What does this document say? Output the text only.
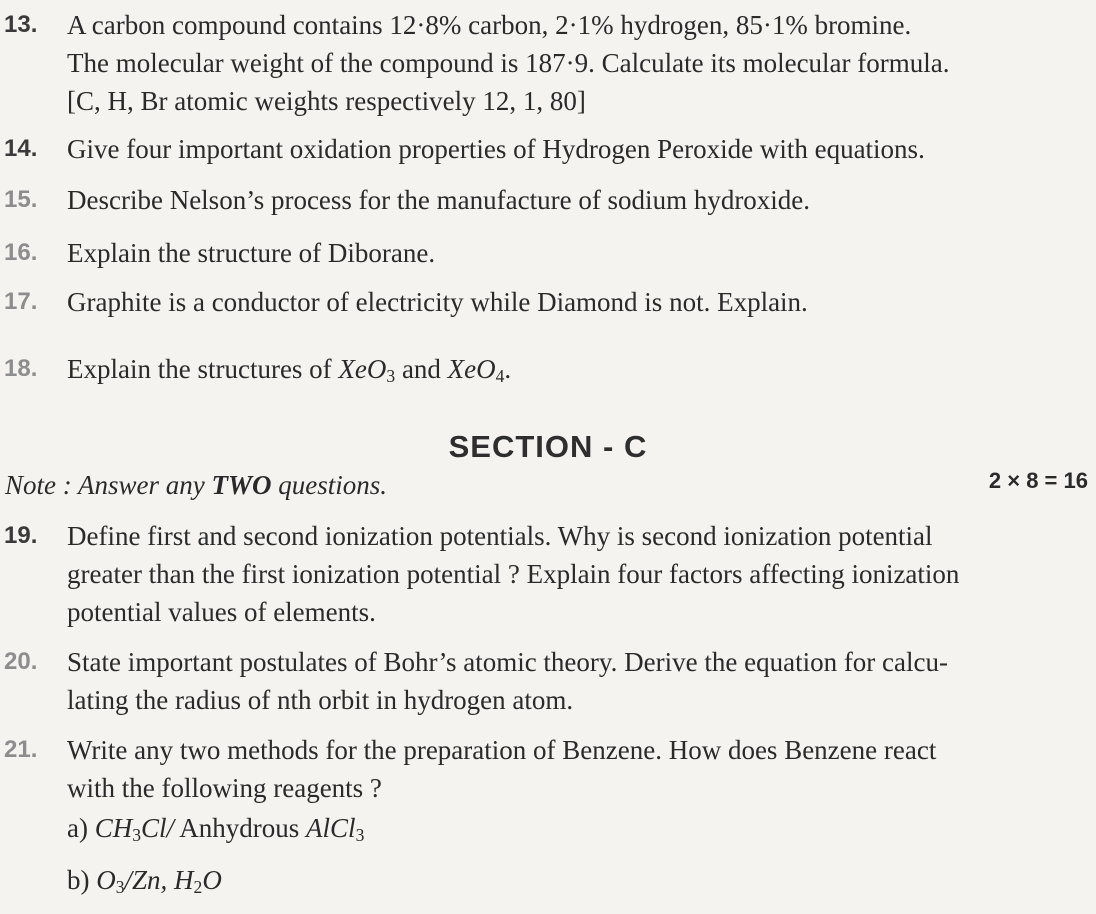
13. A carbon compound contains 12·8% carbon, 2·1% hydrogen, 85·1% bromine.
The molecular weight of the compound is 187·9. Calculate its molecular formula.
[C, H, Br atomic weights respectively 12, 1, 80]
14. Give four important oxidation properties of Hydrogen Peroxide with equations.
15. Describe Nelson’s process for the manufacture of sodium hydroxide.
16. Explain the structure of Diborane.
17. Graphite is a conductor of electricity while Diamond is not. Explain.
18. Explain the structures of XeO$_3$ and XeO$_4$.
SECTION - C
Note : Answer any TWO questions.	2 × 8 = 16
19. Define first and second ionization potentials. Why is second ionization potential
greater than the first ionization potential ? Explain four factors affecting ionization
potential values of elements.
20. State important postulates of Bohr’s atomic theory. Derive the equation for calcu-
lating the radius of nth orbit in hydrogen atom.
21. Write any two methods for the preparation of Benzene. How does Benzene react
with the following reagents ?
a) $CH_3Cl/$ Anhydrous AlCl$_3$
b) $O_3/Zn$, $H_2O$
